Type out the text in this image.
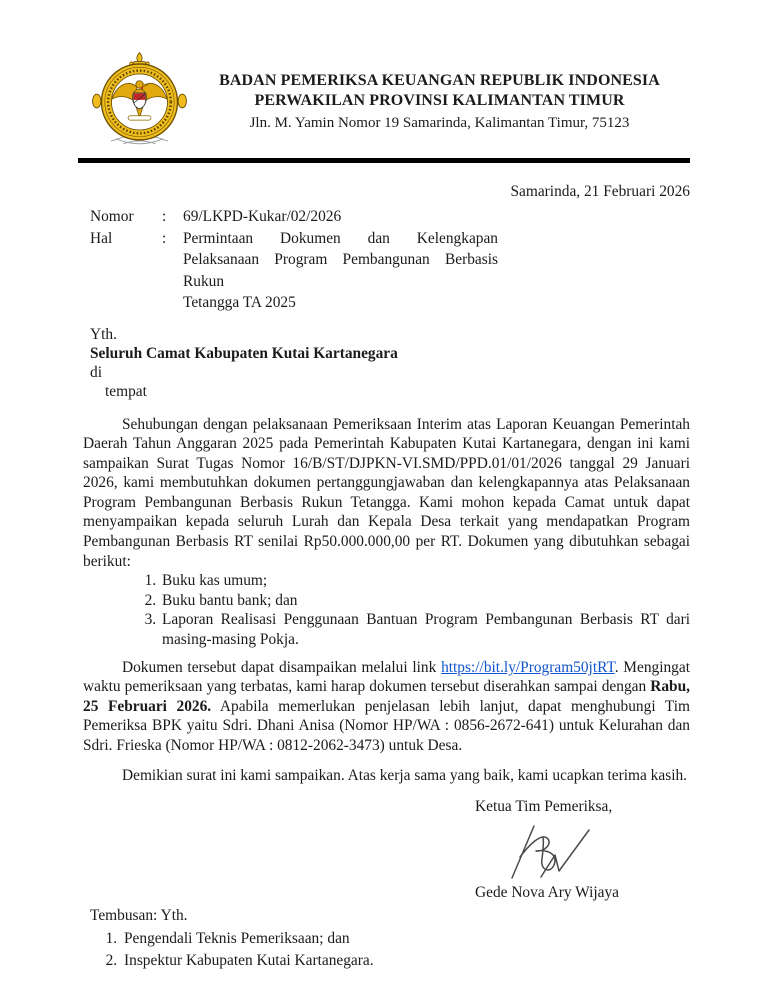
BADAN PEMERIKSA KEUANGAN REPUBLIK INDONESIA
PERWAKILAN PROVINSI KALIMANTAN TIMUR
Jln. M. Yamin Nomor 19 Samarinda, Kalimantan Timur, 75123
Samarinda, 21 Februari 2026
Nomor	:	69/LKPD-Kukar/02/2026
Hal	:	Permintaan Dokumen dan Kelengkapan
Pelaksanaan Program Pembangunan Berbasis Rukun
Tetangga TA 2025
Yth.
Seluruh Camat Kabupaten Kutai Kartanegara
di
tempat

Sehubungan dengan pelaksanaan Pemeriksaan Interim atas Laporan Keuangan Pemerintah Daerah Tahun Anggaran 2025 pada Pemerintah Kabupaten Kutai Kartanegara, dengan ini kami sampaikan Surat Tugas Nomor 16/B/ST/DJPKN-VI.SMD/PPD.01/01/2026 tanggal 29 Januari 2026, kami membutuhkan dokumen pertanggungjawaban dan kelengkapannya atas Pelaksanaan Program Pembangunan Berbasis Rukun Tetangga. Kami mohon kepada Camat untuk dapat menyampaikan kepada seluruh Lurah dan Kepala Desa terkait yang mendapatkan Program Pembangunan Berbasis RT senilai Rp50.000.000,00 per RT. Dokumen yang dibutuhkan sebagai berikut:

1. Buku kas umum;
2. Buku bantu bank; dan
3. Laporan Realisasi Penggunaan Bantuan Program Pembangunan Berbasis RT dari masing-masing Pokja.

Dokumen tersebut dapat disampaikan melalui link https://bit.ly/Program50jtRT. Mengingat waktu pemeriksaan yang terbatas, kami harap dokumen tersebut diserahkan sampai dengan Rabu, 25 Februari 2026. Apabila memerlukan penjelasan lebih lanjut, dapat menghubungi Tim Pemeriksa BPK yaitu Sdri. Dhani Anisa (Nomor HP/WA : 0856-2672-641) untuk Kelurahan dan Sdri. Frieska (Nomor HP/WA : 0812-2062-3473) untuk Desa.

Demikian surat ini kami sampaikan. Atas kerja sama yang baik, kami ucapkan terima kasih.

Ketua Tim Pemeriksa,
Gede Nova Ary Wijaya
Tembusan: Yth.
1. Pengendali Teknis Pemeriksaan; dan
2. Inspektur Kabupaten Kutai Kartanegara.
